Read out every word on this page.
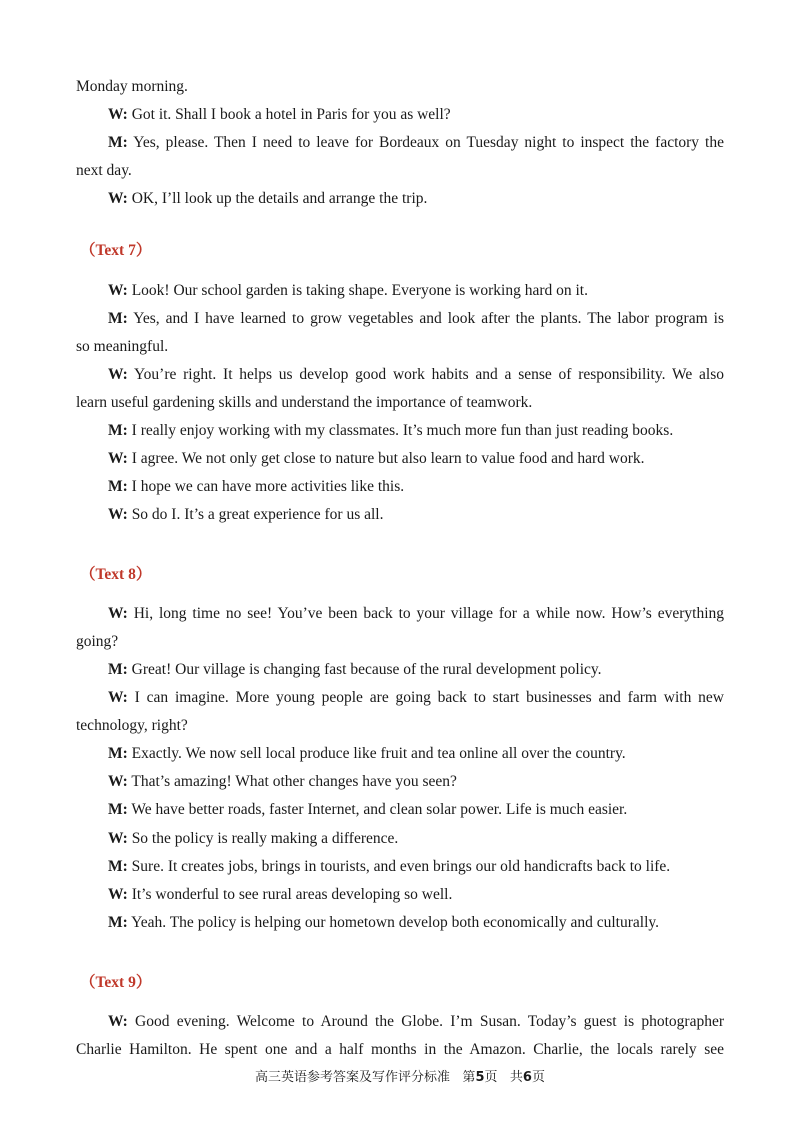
Monday morning.
W: Got it. Shall I book a hotel in Paris for you as well?
M: Yes, please. Then I need to leave for Bordeaux on Tuesday night to inspect the factory the
next day.
W: OK, I’ll look up the details and arrange the trip.
（Text 7）
W: Look! Our school garden is taking shape. Everyone is working hard on it.
M: Yes, and I have learned to grow vegetables and look after the plants. The labor program is
so meaningful.
W: You’re right. It helps us develop good work habits and a sense of responsibility. We also
learn useful gardening skills and understand the importance of teamwork.
M: I really enjoy working with my classmates. It’s much more fun than just reading books.
W: I agree. We not only get close to nature but also learn to value food and hard work.
M: I hope we can have more activities like this.
W: So do I. It’s a great experience for us all.
（Text 8）
W: Hi, long time no see! You’ve been back to your village for a while now. How’s everything
going?
M: Great! Our village is changing fast because of the rural development policy.
W: I can imagine. More young people are going back to start businesses and farm with new
technology, right?
M: Exactly. We now sell local produce like fruit and tea online all over the country.
W: That’s amazing! What other changes have you seen?
M: We have better roads, faster Internet, and clean solar power. Life is much easier.
W: So the policy is really making a difference.
M: Sure. It creates jobs, brings in tourists, and even brings our old handicrafts back to life.
W: It’s wonderful to see rural areas developing so well.
M: Yeah. The policy is helping our hometown develop both economically and culturally.
（Text 9）
W: Good evening. Welcome to Around the Globe. I’m Susan. Today’s guest is photographer
Charlie Hamilton. He spent one and a half months in the Amazon. Charlie, the locals rarely see
高三英语参考答案及写作评分标准 第5页 共6页
